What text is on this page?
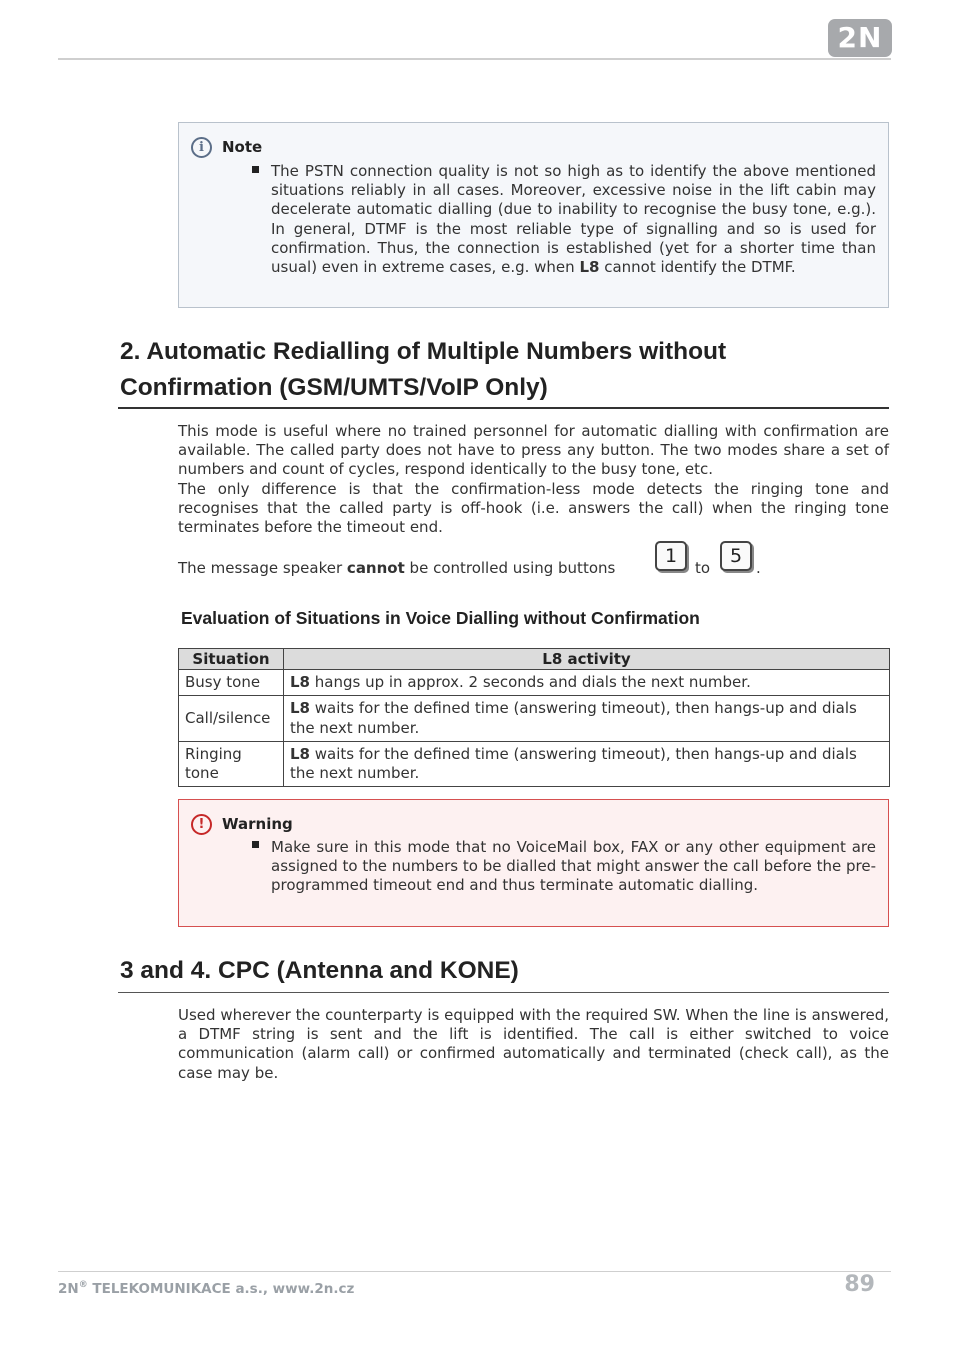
2N
i	Note
The PSTN connection quality is not so high as to identify the above mentioned situations reliably in all cases. Moreover, excessive noise in the lift cabin may decelerate automatic dialling (due to inability to recognise the busy tone, e.g.). In general, DTMF is the most reliable type of signalling and so is used for confirmation. Thus, the connection is established (yet for a shorter time than usual) even in extreme cases, e.g. when L8 cannot identify the DTMF.
2. Automatic Redialling of Multiple Numbers without
Confirmation (GSM/UMTS/VoIP Only)
This mode is useful where no trained personnel for automatic dialling with confirmation are available. The called party does not have to press any button. The two modes share a set of numbers and count of cycles, respond identically to the busy tone, etc.
The only difference is that the confirmation-less mode detects the ringing tone and recognises that the called party is off-hook (i.e. answers the call) when the ringing tone terminates before the timeout end.
The message speaker cannot be controlled using buttons
1
to
5
.
Evaluation of Situations in Voice Dialling without Confirmation
Situation	L8 activity
Busy tone	L8 hangs up in approx. 2 seconds and dials the next number.
Call/silence	L8 waits for the defined time (answering timeout), then hangs-up and dials the next number.
Ringing tone	L8 waits for the defined time (answering timeout), then hangs-up and dials the next number.
!	Warning
Make sure in this mode that no VoiceMail box, FAX or any other equipment are assigned to the numbers to be dialled that might answer the call before the pre-programmed timeout end and thus terminate automatic dialling.
3 and 4. CPC (Antenna and KONE)
Used wherever the counterparty is equipped with the required SW. When the line is answered, a DTMF string is sent and the lift is identified. The call is either switched to voice communication (alarm call) or confirmed automatically and terminated (check call), as the case may be.
2N® TELEKOMUNIKACE a.s., www.2n.cz	89
